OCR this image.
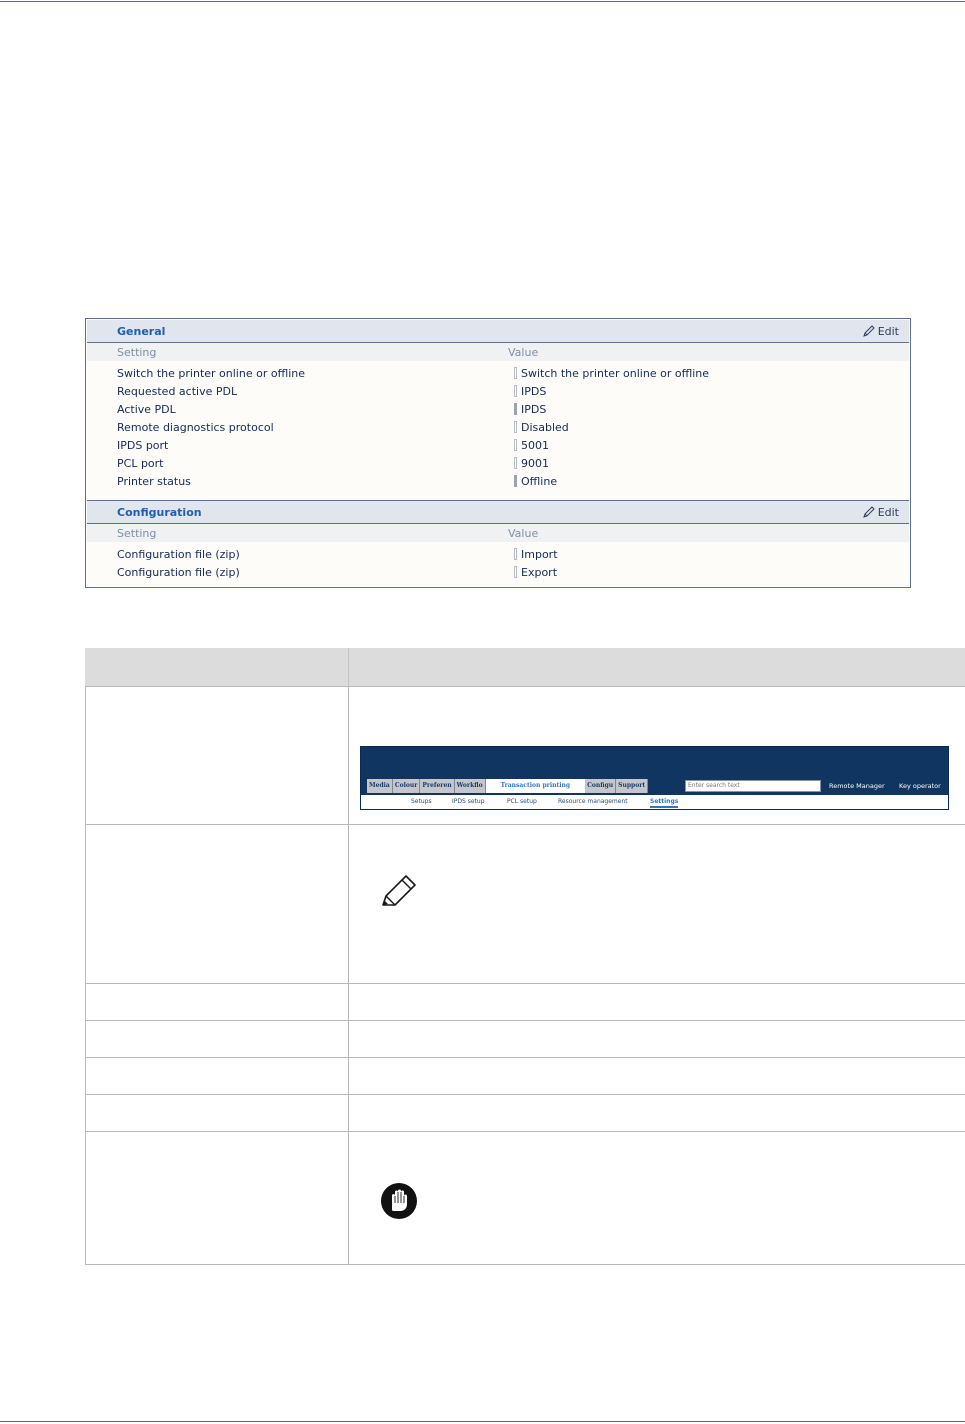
General	Edit
Setting	Value
Switch the printer online or offline	Switch the printer online or offline
Requested active PDL	IPDS
Active PDL	IPDS
Remote diagnostics protocol	Disabled
IPDS port	5001
PCL port	9001
Printer status	Offline
Configuration	Edit
Setting	Value
Configuration file (zip)	Import
Configuration file (zip)	Export
Media Colour Preferen Workflo	Transaction printing	Configu Support	Enter search text	Remote Manager Key operator
Setups	IPDS setup	PCL setup	Resource management	Settings
